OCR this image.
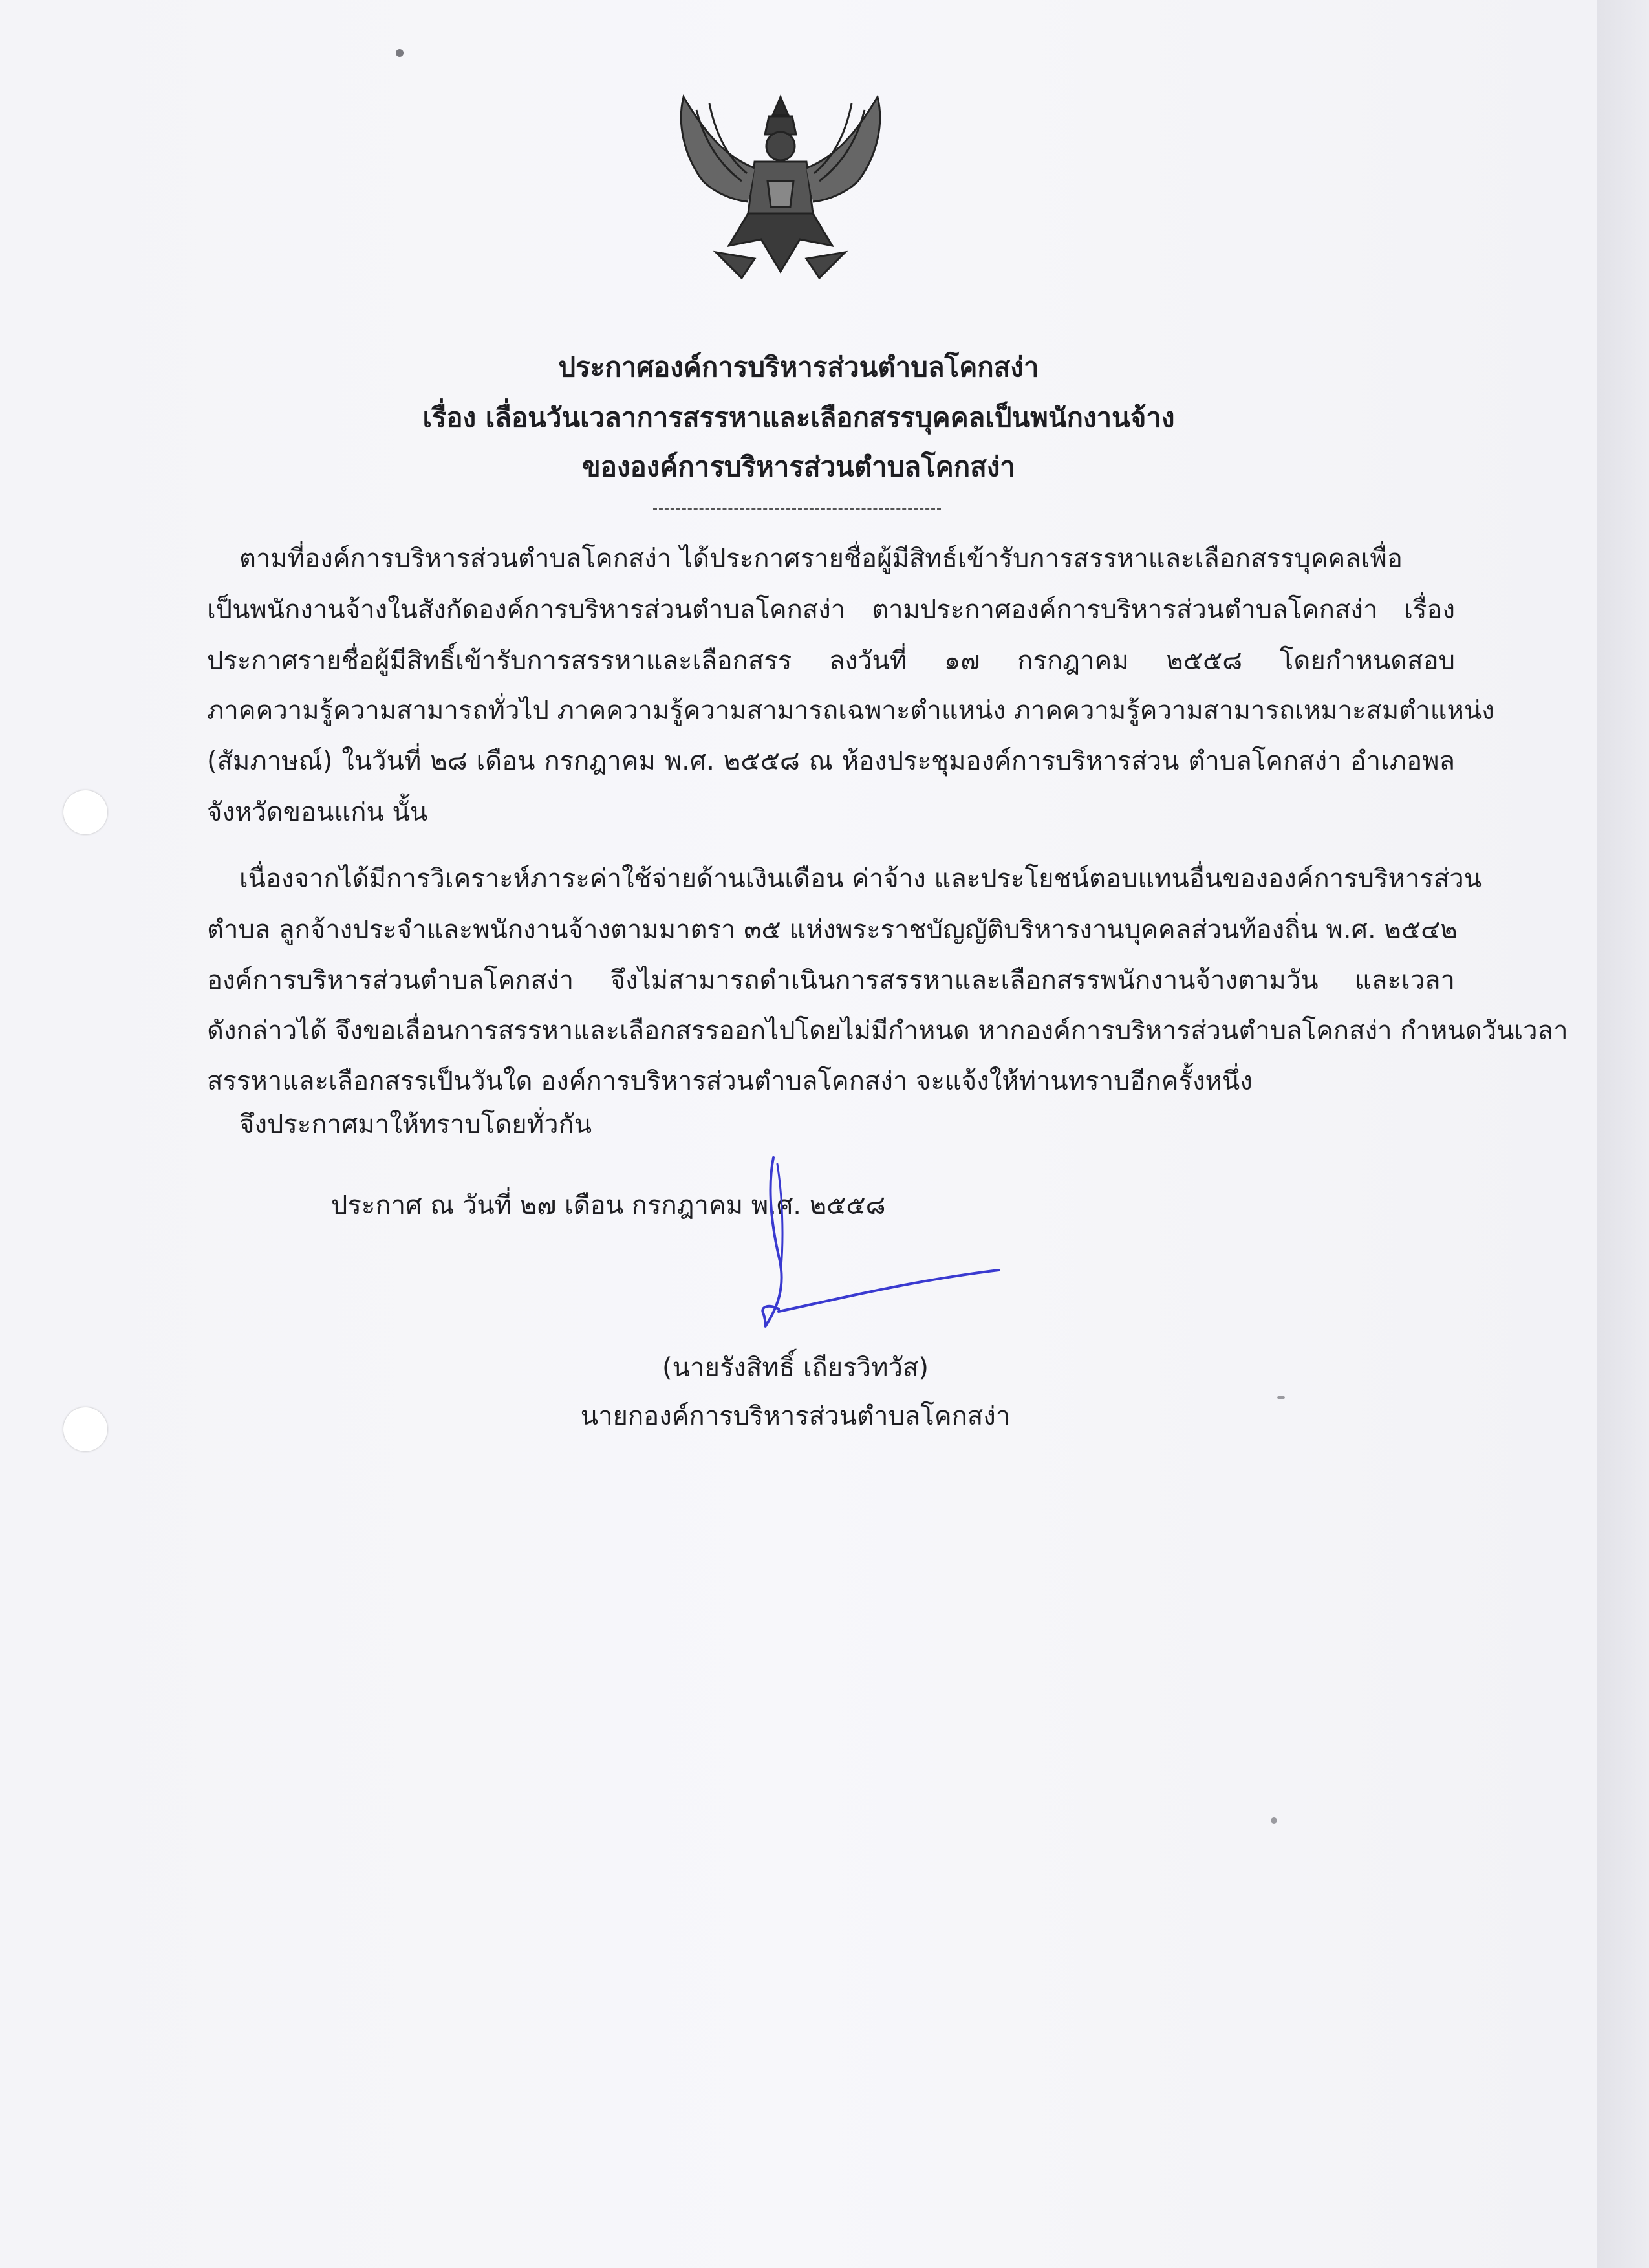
ประกาศองค์การบริหารส่วนตำบลโคกสง่า
เรื่อง เลื่อนวันเวลาการสรรหาและเลือกสรรบุคคลเป็นพนักงานจ้าง
ขององค์การบริหารส่วนตำบลโคกสง่า
ตามที่องค์การบริหารส่วนตำบลโคกสง่า ได้ประกาศรายชื่อผู้มีสิทธ์เข้ารับการสรรหาและเลือกสรรบุคคลเพื่อ
เป็นพนักงานจ้างในสังกัดองค์การบริหารส่วนตำบลโคกสง่า ตามประกาศองค์การบริหารส่วนตำบลโคกสง่า เรื่อง
ประกาศรายชื่อผู้มีสิทธิ์เข้ารับการสรรหาและเลือกสรร ลงวันที่ ๑๗ กรกฎาคม ๒๕๕๘ โดยกำหนดสอบ
ภาคความรู้ความสามารถทั่วไป ภาคความรู้ความสามารถเฉพาะตำแหน่ง ภาคความรู้ความสามารถเหมาะสมตำแหน่ง
(สัมภาษณ์) ในวันที่ ๒๘ เดือน กรกฎาคม พ.ศ. ๒๕๕๘ ณ ห้องประชุมองค์การบริหารส่วน ตำบลโคกสง่า อำเภอพล
จังหวัดขอนแก่น นั้น
เนื่องจากได้มีการวิเคราะห์ภาระค่าใช้จ่ายด้านเงินเดือน ค่าจ้าง และประโยชน์ตอบแทนอื่นขององค์การบริหารส่วน
ตำบล ลูกจ้างประจำและพนักงานจ้างตามมาตรา ๓๕ แห่งพระราชบัญญัติบริหารงานบุคคลส่วนท้องถิ่น พ.ศ. ๒๕๔๒
องค์การบริหารส่วนตำบลโคกสง่า จึงไม่สามารถดำเนินการสรรหาและเลือกสรรพนักงานจ้างตามวัน และเวลา
ดังกล่าวได้ จึงขอเลื่อนการสรรหาและเลือกสรรออกไปโดยไม่มีกำหนด หากองค์การบริหารส่วนตำบลโคกสง่า กำหนดวันเวลา
สรรหาและเลือกสรรเป็นวันใด องค์การบริหารส่วนตำบลโคกสง่า จะแจ้งให้ท่านทราบอีกครั้งหนึ่ง
จึงประกาศมาให้ทราบโดยทั่วกัน
ประกาศ ณ วันที่ ๒๗ เดือน กรกฎาคม พ.ศ. ๒๕๕๘
(นายรังสิทธิ์ เถียรวิทวัส)
นายกองค์การบริหารส่วนตำบลโคกสง่า
